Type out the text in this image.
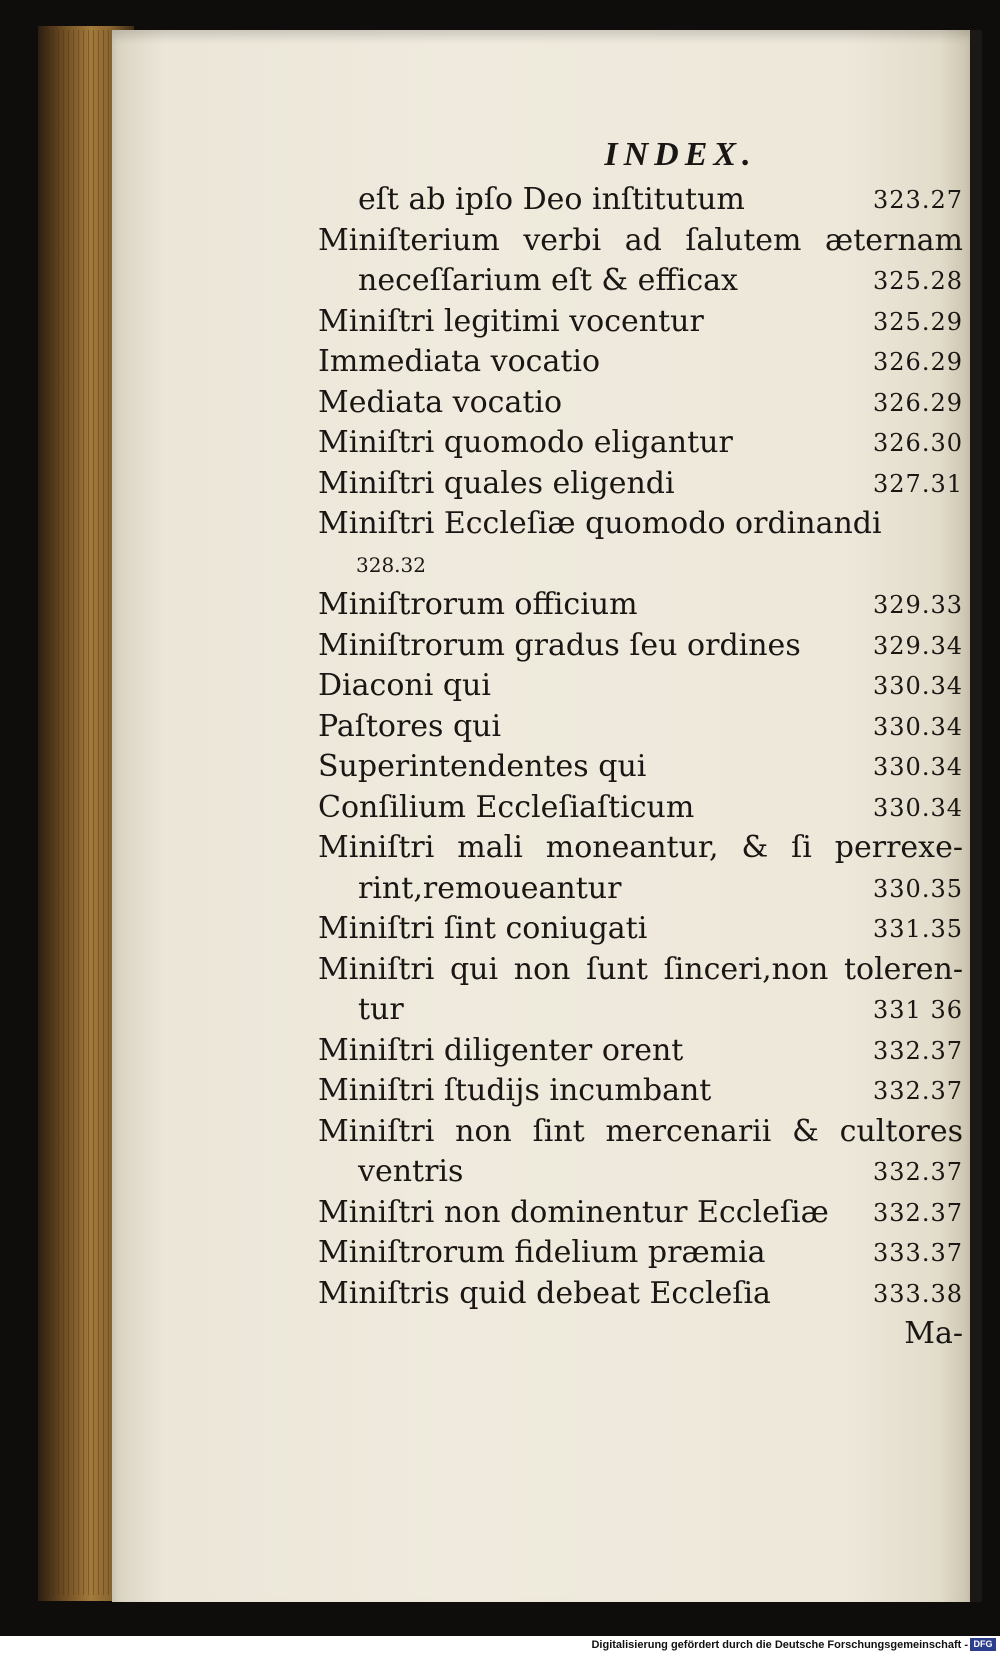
INDEX.
eſt ab ipſo Deo inſtitutum	323.27
Miniſterium verbi ad ſalutem æternam
neceſſarium eſt & efficax	325.28
Miniſtri legitimi vocentur	325.29
Immediata vocatio	326.29
Mediata vocatio	326.29
Miniſtri quomodo eligantur	326.30
Miniſtri quales eligendi	327.31
Miniſtri Eccleſiæ quomodo ordinandi
328.32
Miniſtrorum officium	329.33
Miniſtrorum gradus ſeu ordines	329.34
Diaconi qui	330.34
Paſtores qui	330.34
Superintendentes qui	330.34
Conſilium Eccleſiaſticum	330.34
Miniſtri mali moneantur, & ſi perrexe-
rint,remoueantur	330.35
Miniſtri ſint coniugati	331.35
Miniſtri qui non ſunt ſinceri,non toleren-
tur	331 36
Miniſtri diligenter orent	332.37
Miniſtri ſtudijs incumbant	332.37
Miniſtri non ſint mercenarii & cultores
ventris	332.37
Miniſtri non dominentur Eccleſiæ 332.37
Miniſtrorum fidelium præmia	333.37
Miniſtris quid debeat Eccleſia	333.38
Ma-
Digitalisierung gefördert durch die Deutsche Forschungsgemeinschaft - DFG
